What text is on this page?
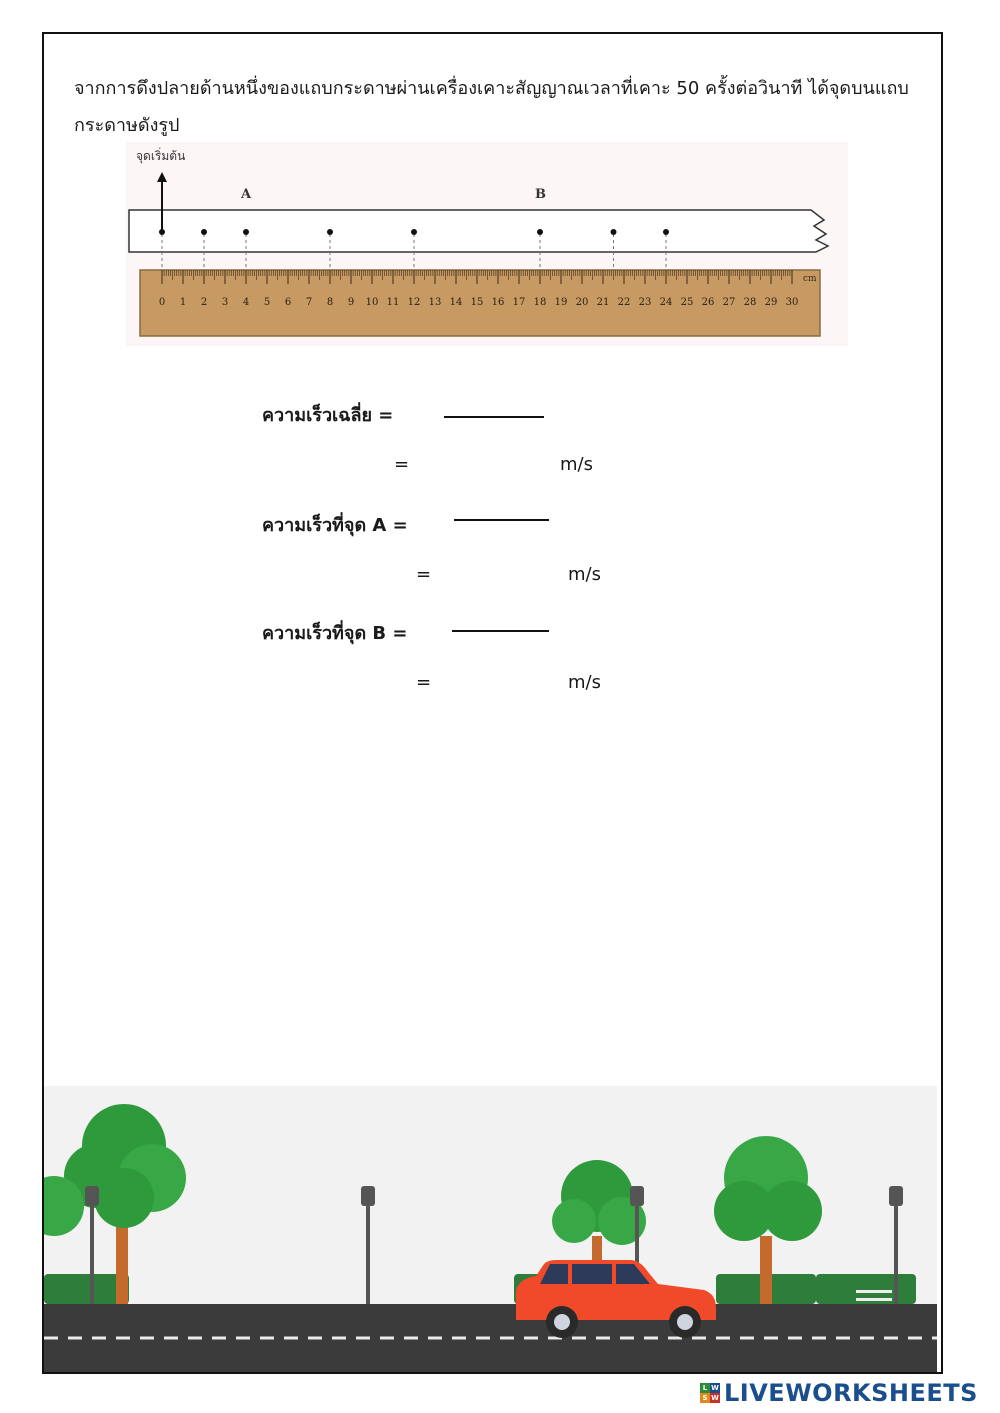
จากการดึงปลายด้านหนึ่งของแถบกระดาษผ่านเครื่องเคาะสัญญาณเวลาที่เคาะ 50 ครั้งต่อวินาที ได้จุดบนแถบกระดาษดังรูป

จุดเริ่มต้น
A	B
0 1 2 3 4 5 6 7 8 9 10 11 12 13 14 15 16 17 18 19 20 21 22 23 24 25 26 27 28 29 30
cm
ความเร็วเฉลี่ย =
=	m/s
ความเร็วที่จุด A =
=	m/s
ความเร็วที่จุด B =
=	m/s
L W
S W LIVEWORKSHEETS
